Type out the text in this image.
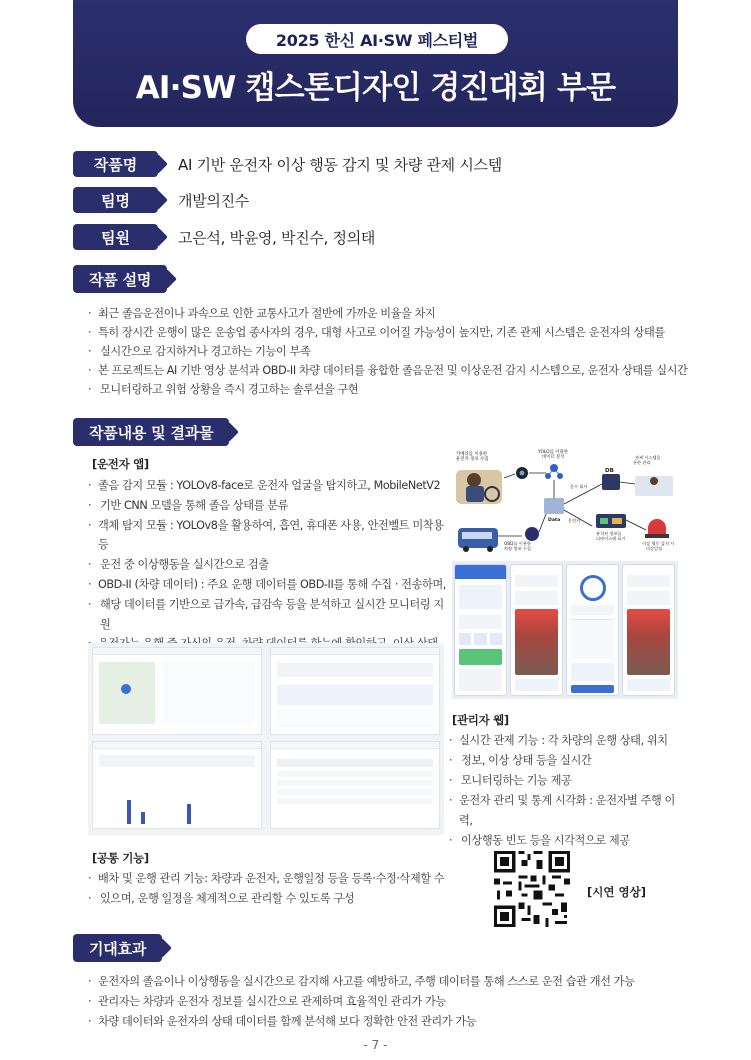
2025 한신 AI·SW 페스티벌
AI·SW 캡스톤디자인 경진대회 부문
작품명	AI 기반 운전자 이상 행동 감지 및 차량 관제 시스템
팀명	개발의진수
팀원	고은석, 박윤영, 박진수, 정의태
작품 설명
· 최근 졸음운전이나 과속으로 인한 교통사고가 절반에 가까운 비율을 차지
· 특히 장시간 운행이 많은 운송업 종사자의 경우, 대형 사고로 이어질 가능성이 높지만, 기존 관제 시스템은 운전자의 상태를
· 실시간으로 감지하거나 경고하는 기능이 부족
· 본 프로젝트는 AI 기반 영상 분석과 OBD-II 차량 데이터를 융합한 졸음운전 및 이상운전 감지 시스템으로, 운전자 상태를 실시간
· 모니터링하고 위험 상황을 즉시 경고하는 솔루션을 구현
작품내용 및 결과물
[운전자 앱]
· 졸음 감지 모듈 : YOLOv8-face로 운전자 얼굴을 탐지하고, MobileNetV2
· 기반 CNN 모델을 통해 졸음 상태를 분류
· 객체 탐지 모듈 : YOLOv8을 활용하여, 흡연, 휴대폰 사용, 안전벨트 미착용 등
· 운전 중 이상행동을 실시간으로 검출
· OBD-II (차량 데이터) : 주요 운행 데이터를 OBD-II를 통해 수집 · 전송하며,
· 해당 데이터를 기반으로 급가속, 급감속 등을 분석하고 실시간 모니터링 지원
·
·
카메라를 이용한
운전자 정보 수집
YOLO를 이용한
데이터 분석
Data
DB
운수 회사
관제 시스템을
통한 관리
OBD를 이용한
차량 정보 수집
운전자
분석된 정보를
디바이스에 표시
이상 행동 감지 시
비상알림
[관리자 웹]
· 실시간 관제 기능 : 각 차량의 운행 상태, 위치
· 정보, 이상 상태 등을 실시간
· 모니터링하는 기능 제공
· 운전자 관리 및 통계 시각화 : 운전자별 주행 이력,
· 이상행동 빈도 등을 시각적으로 제공
[공통 기능]
· 배차 및 운행 관리 기능: 차량과 운전자, 운행일정 등을 등록·수정·삭제할 수
· 있으며, 운행 일정을 체계적으로 관리할 수 있도록 구성	[시연 영상]
기대효과
· 운전자의 졸음이나 이상행동을 실시간으로 감지해 사고를 예방하고, 주행 데이터를 통해 스스로 운전 습관 개선 가능
· 관리자는 차량과 운전자 정보를 실시간으로 관제하며 효율적인 관리가 가능
· 차량 데이터와 운전자의 상태 데이터를 함께 분석해 보다 정확한 안전 관리가 가능
- 7 -
